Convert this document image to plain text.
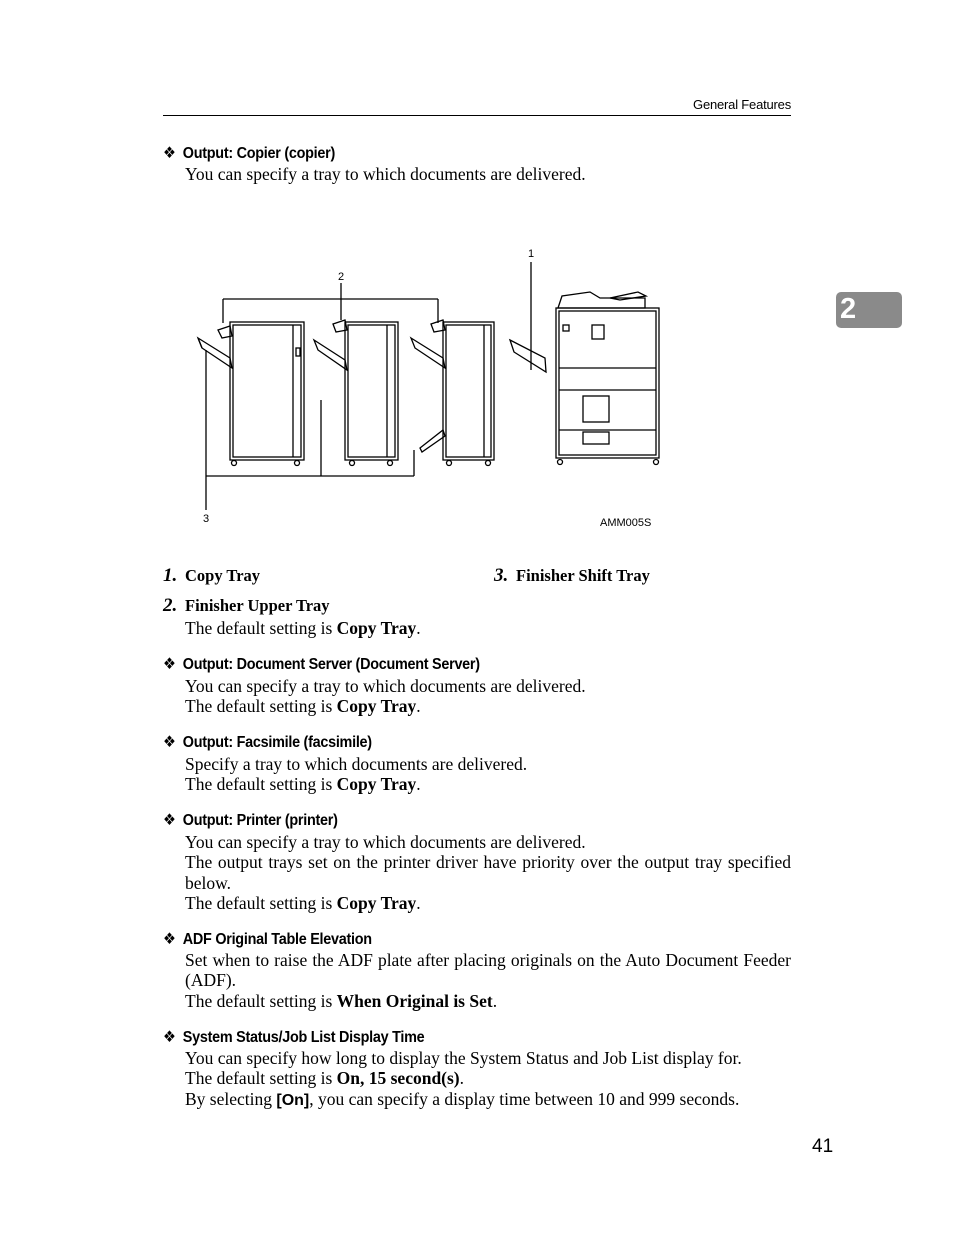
General Features
2
❖ Output: Copier (copier)

You can specify a tray to which documents are delivered.

2
1
3	AMM005S
1. Copy Tray	3. Finisher Shift Tray
2. Finisher Upper Tray

The default setting is Copy Tray.

❖ Output: Document Server (Document Server)

You can specify a tray to which documents are delivered.

The default setting is Copy Tray.

❖ Output: Facsimile (facsimile)

Specify a tray to which documents are delivered.

The default setting is Copy Tray.

❖ Output: Printer (printer)

You can specify a tray to which documents are delivered.

The output trays set on the printer driver have priority over the output tray specified below.

The default setting is Copy Tray.

❖ ADF Original Table Elevation

Set when to raise the ADF plate after placing originals on the Auto Document Feeder (ADF).

The default setting is When Original is Set.

❖ System Status/Job List Display Time

You can specify how long to display the System Status and Job List display for.

The default setting is On, 15 second(s).

By selecting [On], you can specify a display time between 10 and 999 seconds.

41
